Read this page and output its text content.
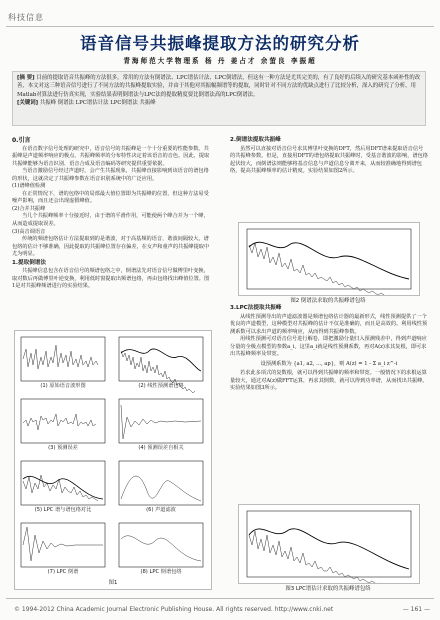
科技信息
语音信号共振峰提取方法的研究分析
青海师范大学物理系 杨 丹 姜占才 余萤良 李振超
[摘 要] 目前的提取语音共振峰的方法很多，常用的方法有倒谱法、LPC谱估计法、LPC倒谱法，但这有一种方法是尤其完美的，有了良好的后续入的研究基本函补性的改善，本文对这三种语音信号进行了不同方法的共振峰提取实验，并由于其他对其振幅频谱等的提取，同时针对不同方法的优缺点进行了比较分析，深入的研究了分析，用Matlab对算法进行仿真实现，实验结果表明倒谱法与LPC法的提取精度要比倒谱法高的LPC倒谱法。
[关键词] 共振峰 倒谱法 LPC谱估计法 LPC倒谱法 共振峰
0.引言

在语音数字信号处理的研究中，语音信号的共振峰是一个十分重要的性能参数。共振峰是声道频率响应的极点，共振峰频率的分布特性决定着该语音的音色。因此，提取共振峰能够为语音识别、语音合成及语音编码等研究提供重要依据。

当语音激励信号经过声道时，会产生共振现象，共振峰直接影响到该语音的谱包络的形状，这就决定了共振峰参数在语音识别系统中的广泛应用。

(1)谱峰值检测

在正常情况下，谱的包络中的局部最大值位置即为共振峰的位置，但这种方法易受噪声影响，而且还会出现虚假峰值。

(2)合并共振峰

当几个共振峰频率十分接近时，由于谱的平滑作用，可能使两个峰合并为一个峰，从而造成提取误差。

(3)高音调语音

传统的频谱包络估计方法提取到的是谐波，对于高基频的语音，谐波间隔较大，谱包络的估计不够准确，因此提取的共振峰位置存在偏差，在女声和童声的共振峰提取中尤为明显。

1.提取倒谱法

共振峰信息包含在语音信号的频谱包络之中，倒谱法先对语音信号做傅里叶变换，取对数后再做傅里叶逆变换，利用低时窗提取出频谱包络，再由包络找出峰值位置。图1是对共振峰频谱进行的实验结果。

(1) 原始语音波形图	(2) 线性预测谱包络
(3) 预测误差	(4) 预测误差自相关
(5) LPC 谱与谱包络对比	(6) 声道滤波
(7) LPC 倒谱	(8) LPC 倒谱包络
图1
2.倒谱法提取共振峰

虽然可以直接对语音信号求其傅里叶变换的DFT，然后用DFT谱来提取语音信号的共振峰参数。但是，直接用DFT的谱包络提取共振峰时，受基音谐波的影响，谱包络起伏较大，而倒谱法则能够将基音信息与声道信息分离开来，从而较准确地得到谱包络，提高共振峰频率的估计精度。实验结果如图2所示。

图2 倒谱法求取的共振峰谱包络
3.LPC法提取共振峰

从线性预测导出的声道滤波器是频谱包络估计器的最新形式，线性预测提供了一个优良的声道模型，这种模型对共振峰的估计不仅是准确的，而且是高效的。利用线性预测系数可以求出声道的频率响应，从而得到共振峰参数。

用线性预测可对语音信号进行解卷，即把激励分量归入预测残差中，得到声道响应分量的全极点模型的参数a_i，这里a_i就是线性预测系数，再对A(z)求其复根，即可求出共振峰频率及带宽。

设预测系数为 {a1, a2, ..., ap}，则 A(z) = 1 - Σ a_i z^-i

若求此多项式的复数根，就可以得到共振峰的频率和带宽。一般情况下的求根运算量较大，通过对A(z)做FFT运算，再求其倒数，就可以得到功率谱，从而找出共振峰。实验结果如图3所示。

图3 LPC谱估计求取的共振峰谱包络
© 1994-2012 China Academic Journal Electronic Publishing House. All rights reserved. http://www.cnki.net	— 161 —
